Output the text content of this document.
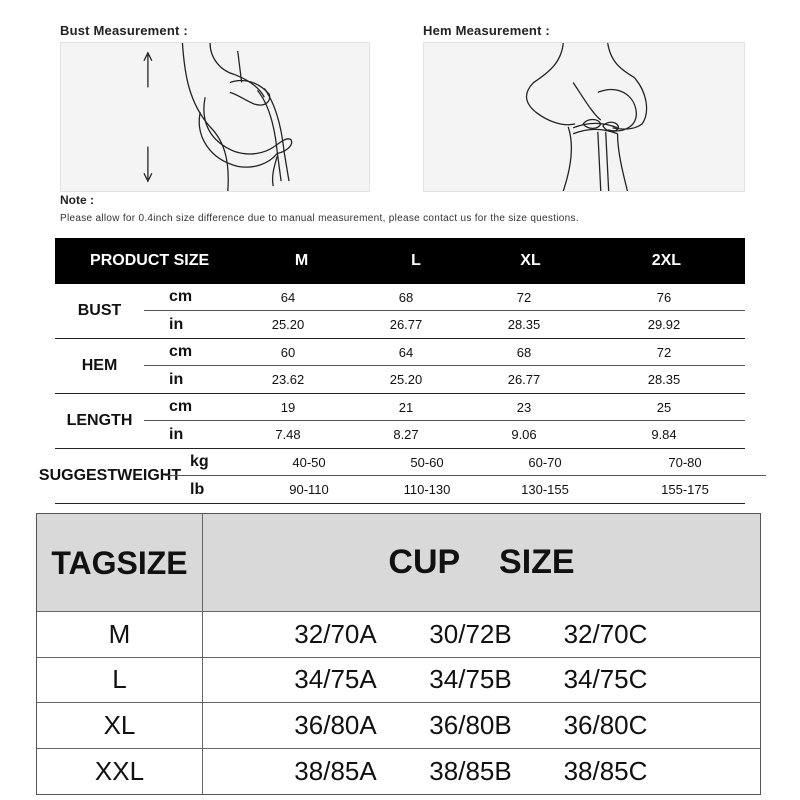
Bust Measurement :	Hem Measurement :
Note :
Please allow for 0.4inch size difference due to manual measurement, please contact us for the size questions.
PRODUCT SIZE	M	L	XL	2XL
BUST
cm	64	68	72	76
in	25.20	26.77	28.35	29.92
HEM
cm	60	64	68	72
in	23.62	25.20	26.77	28.35
LENGTH
cm	19	21	23	25
in	7.48	8.27	9.06	9.84
SUGGEST WEIGHT
kg	40-50	50-60	60-70	70-80
lb	90-110	110-130	130-155	155-175
TAG SIZE	CUP SIZE
M	32/70A	30/72B	32/70C
L	34/75A	34/75B	34/75C
XL	36/80A	36/80B	36/80C
XXL	38/85A	38/85B	38/85C
